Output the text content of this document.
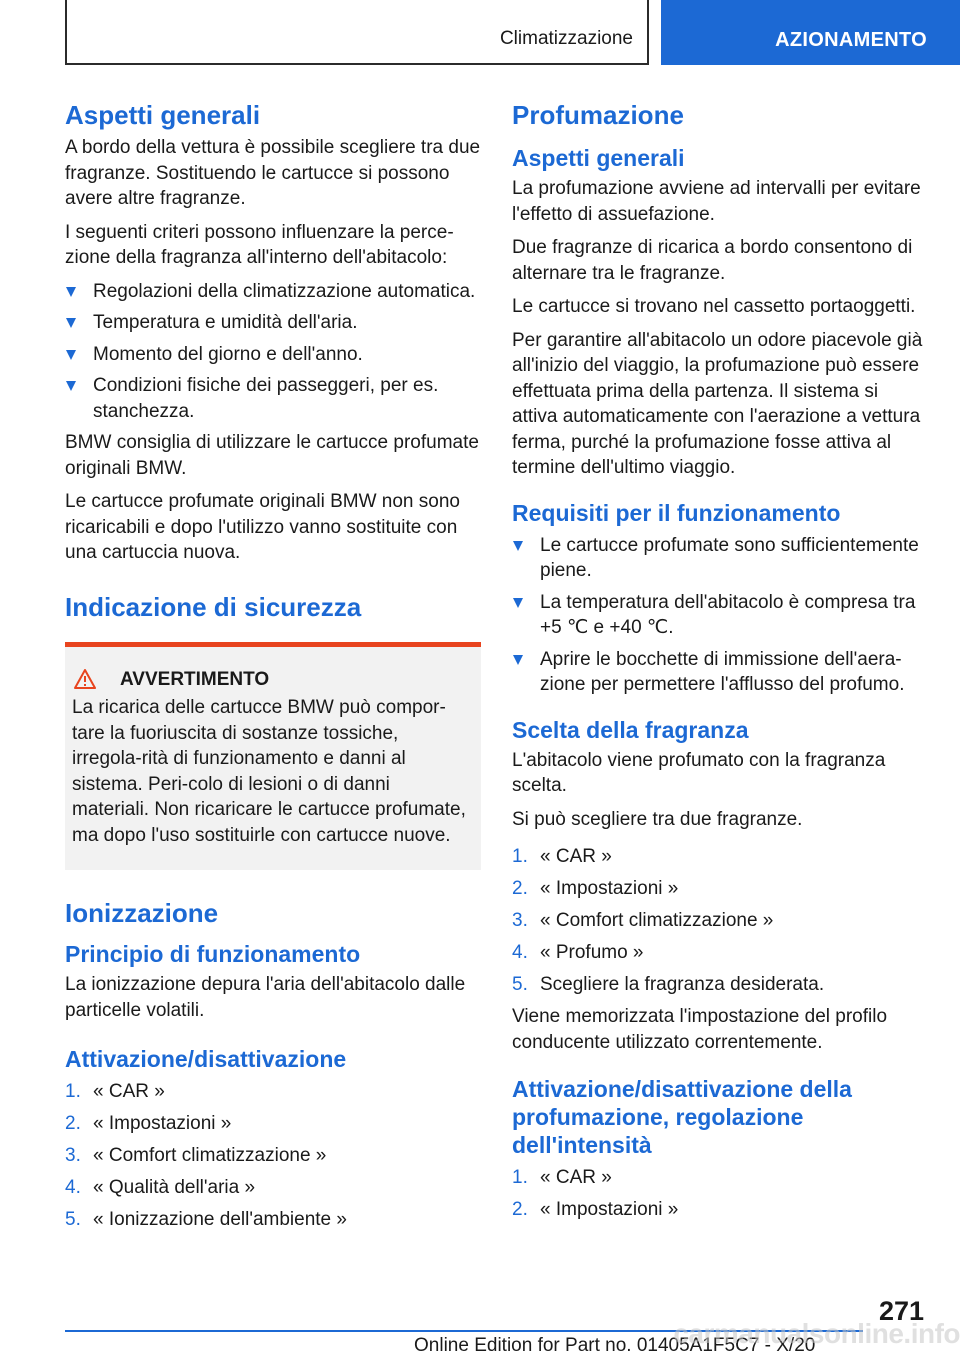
Climatizzazione	AZIONAMENTO
Aspetti generali

A bordo della vettura è possibile scegliere tra due fragranze. Sostituendo le cartucce si possono avere altre fragranze.

I seguenti criteri possono influenzare la perce‐zione della fragranza all'interno dell'abitacolo:

Regolazioni della climatizzazione automatica.
Temperatura e umidità dell'aria.
Momento del giorno e dell'anno.
Condizioni fisiche dei passeggeri, per es. stanchezza.

BMW consiglia di utilizzare le cartucce profumate originali BMW.

Le cartucce profumate originali BMW non sono ricaricabili e dopo l'utilizzo vanno sostituite con una cartuccia nuova.

Indicazione di sicurezza
AVVERTIMENTO
La ricarica delle cartucce BMW può compor‐tare la fuoriuscita di sostanze tossiche, irregola‐rità di funzionamento e danni al sistema. Peri‐colo di lesioni o di danni materiali. Non ricaricare le cartucce profumate, ma dopo l'uso sostituirle con cartucce nuove.
Ionizzazione
Principio di funzionamento

La ionizzazione depura l'aria dell'abitacolo dalle particelle volatili.

Attivazione/disattivazione
1. « CAR »
2. « Impostazioni »
3. « Comfort climatizzazione »
4. « Qualità dell'aria »
5. « Ionizzazione dell'ambiente »
Profumazione
Aspetti generali

La profumazione avviene ad intervalli per evitare l'effetto di assuefazione.

Due fragranze di ricarica a bordo consentono di alternare tra le fragranze.

Le cartucce si trovano nel cassetto portaoggetti.

Per garantire all'abitacolo un odore piacevole già all'inizio del viaggio, la profumazione può essere effettuata prima della partenza. Il sistema si attiva automaticamente con l'aerazione a vettura ferma, purché la profumazione fosse attiva al termine dell'ultimo viaggio.

Requisiti per il funzionamento
Le cartucce profumate sono sufficientemente piene.
La temperatura dell'abitacolo è compresa tra +5 ℃ e +40 ℃.
Aprire le bocchette di immissione dell'aera‐zione per permettere l'afflusso del profumo.
Scelta della fragranza

L'abitacolo viene profumato con la fragranza scelta.

Si può scegliere tra due fragranze.

1. « CAR »
2. « Impostazioni »
3. « Comfort climatizzazione »
4. « Profumo »
5. Scegliere la fragranza desiderata.

Viene memorizzata l'impostazione del profilo conducente utilizzato correntemente.

Attivazione/disattivazione della profumazione, regolazione dell'intensità
1. « CAR »
2. « Impostazioni »
271
Online Edition for Part no. 01405A1F5C7 - X/20
carmanualsonline.info
